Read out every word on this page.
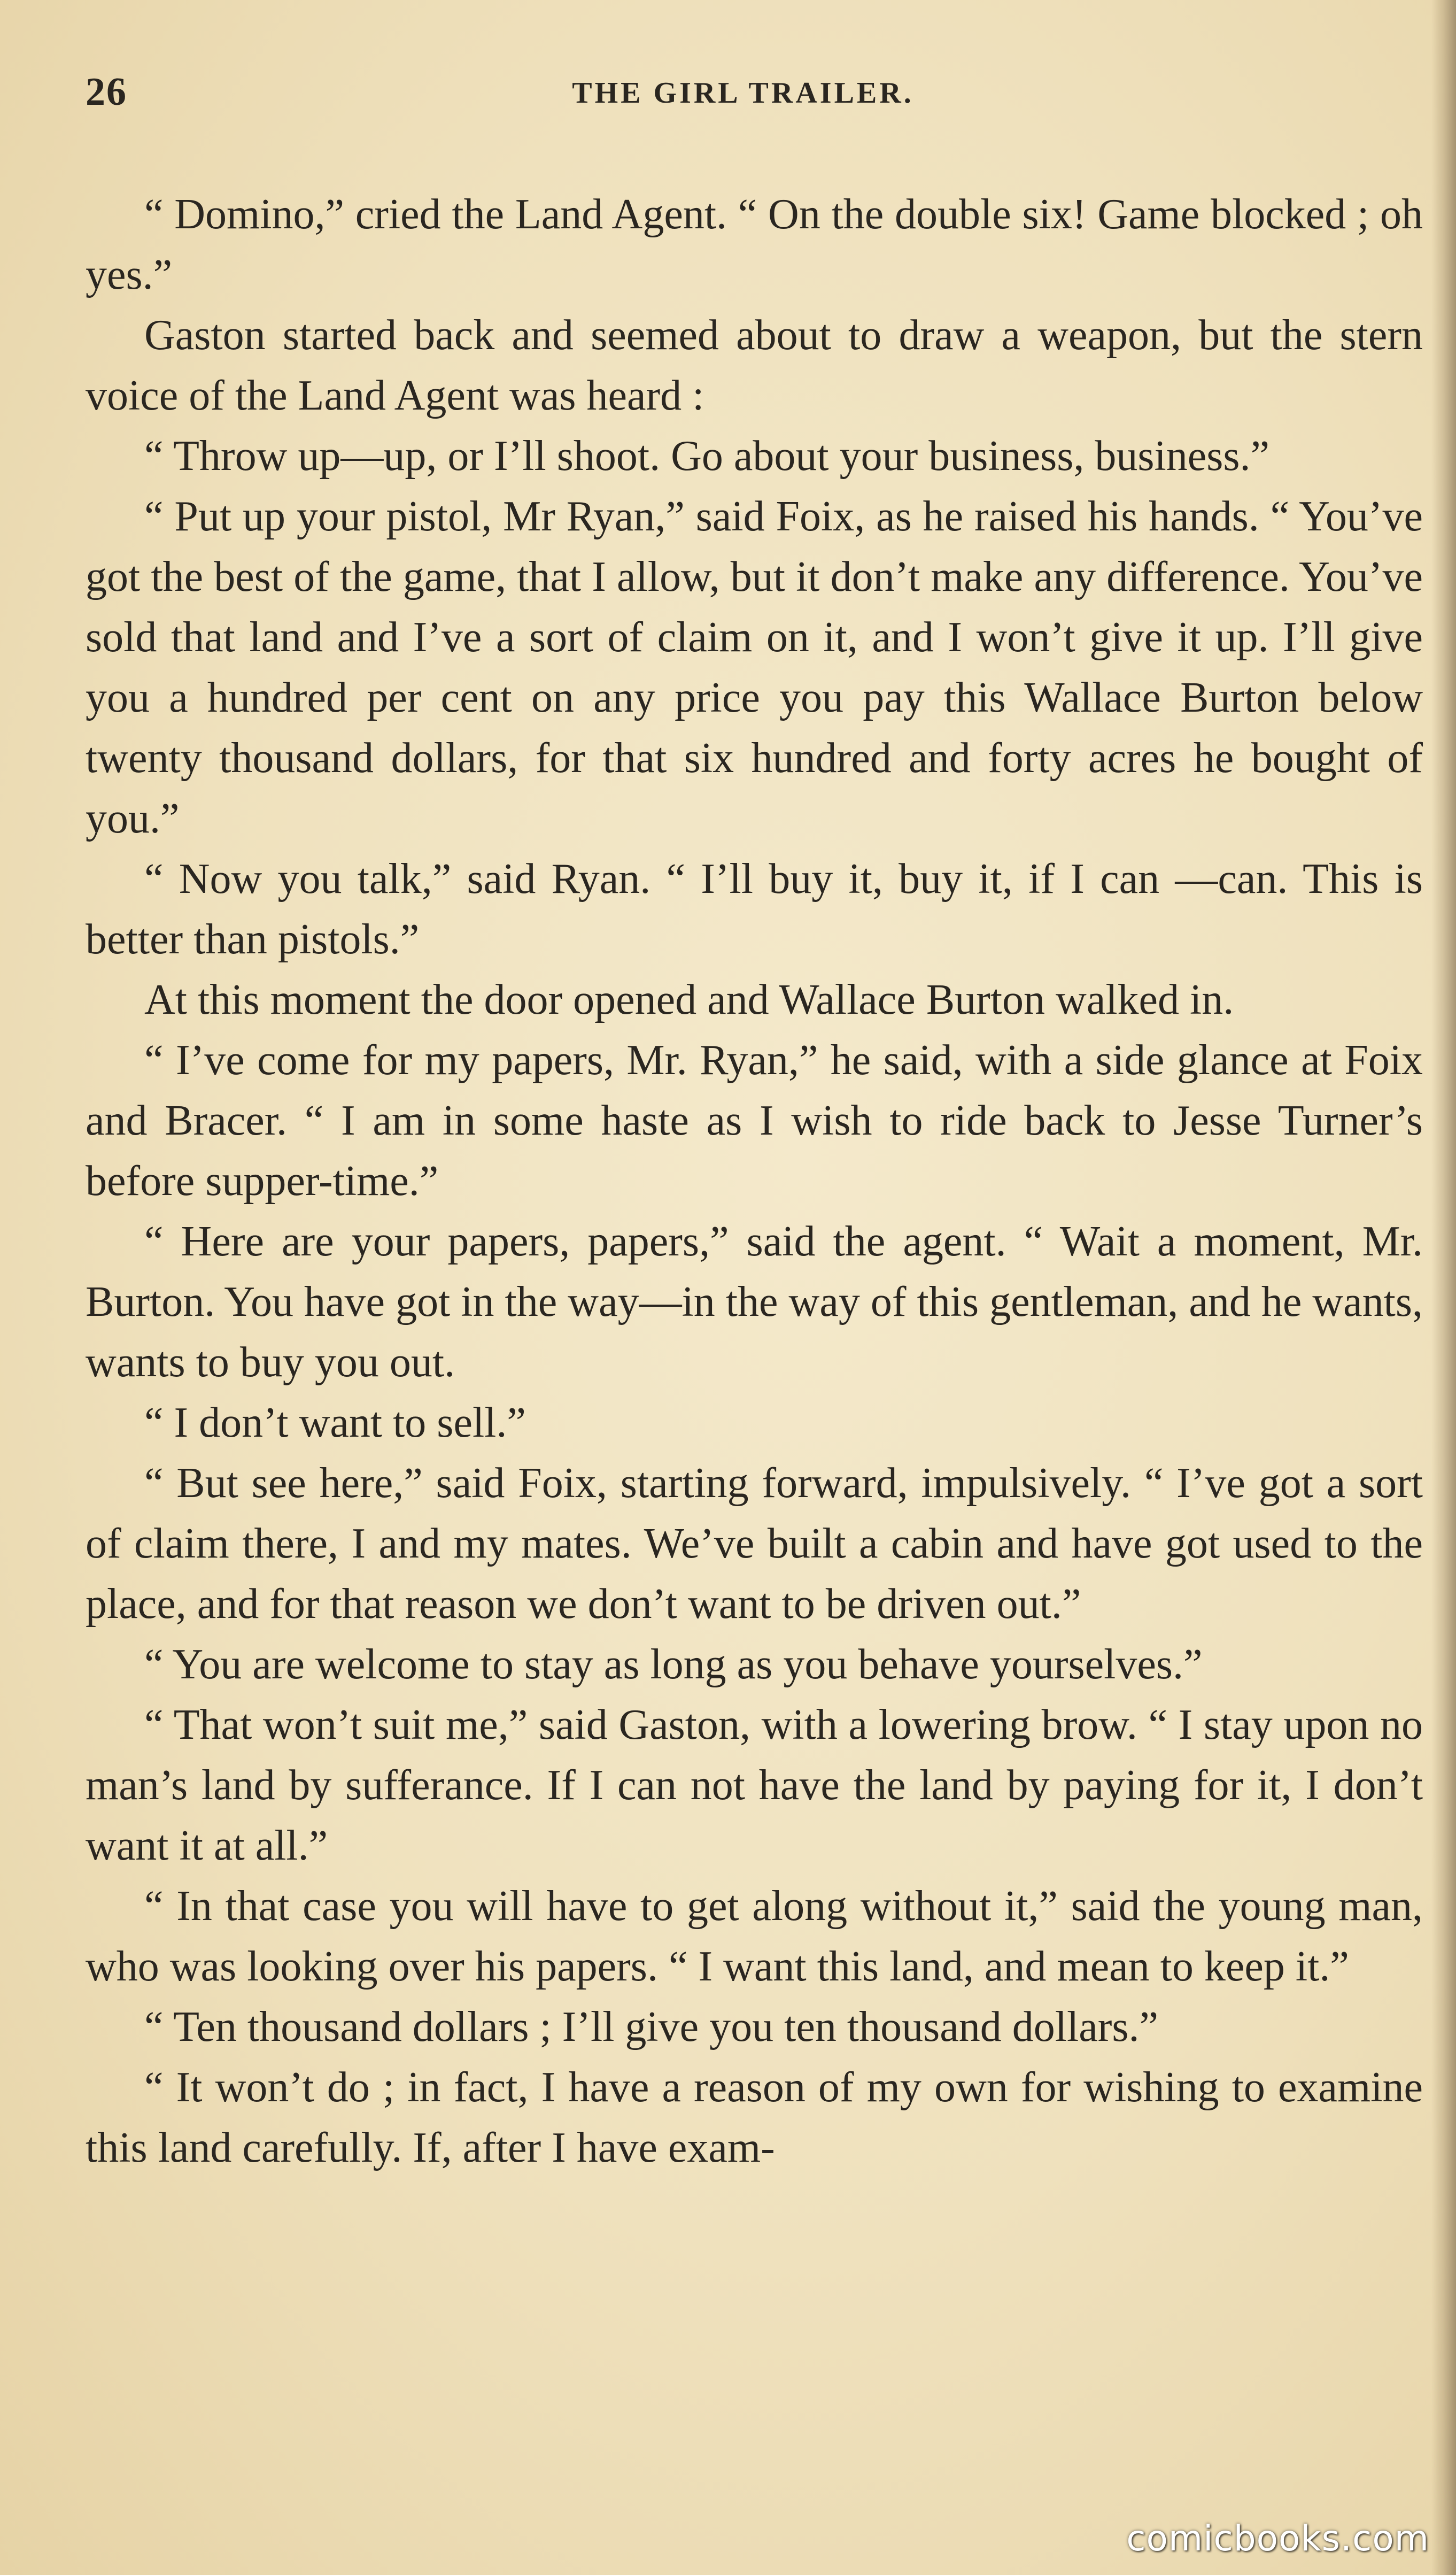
26	THE GIRL TRAILER.

“ Domino,” cried the Land Agent. “ On the double six! Game blocked ; oh yes.”

Gaston started back and seemed about to draw a weapon, but the stern voice of the Land Agent was heard :

“ Throw up—up, or I’ll shoot. Go about your business, business.”

“ Put up your pistol, Mr Ryan,” said Foix, as he raised his hands. “ You’ve got the best of the game, that I allow, but it don’t make any difference. You’ve sold that land and I’ve a sort of claim on it, and I won’t give it up. I’ll give you a hundred per cent on any price you pay this Wallace Burton below twenty thousand dollars, for that six hundred and forty acres he bought of you.”

“ Now you talk,” said Ryan. “ I’ll buy it, buy it, if I can —can. This is better than pistols.”

At this moment the door opened and Wallace Burton walked in.

“ I’ve come for my papers, Mr. Ryan,” he said, with a side glance at Foix and Bracer. “ I am in some haste as I wish to ride back to Jesse Turner’s before supper-time.”

“ Here are your papers, papers,” said the agent. “ Wait a moment, Mr. Burton. You have got in the way—in the way of this gentleman, and he wants, wants to buy you out.

“ I don’t want to sell.”

“ But see here,” said Foix, starting forward, impulsively. “ I’ve got a sort of claim there, I and my mates. We’ve built a cabin and have got used to the place, and for that reason we don’t want to be driven out.”

“ You are welcome to stay as long as you behave yourselves.”

“ That won’t suit me,” said Gaston, with a lowering brow. “ I stay upon no man’s land by sufferance. If I can not have the land by paying for it, I don’t want it at all.”

“ In that case you will have to get along without it,” said the young man, who was looking over his papers. “ I want this land, and mean to keep it.”

“ Ten thousand dollars ; I’ll give you ten thousand dollars.”

“ It won’t do ; in fact, I have a reason of my own for wishing to examine this land carefully. If, after I have exam-

comicbooks.com
